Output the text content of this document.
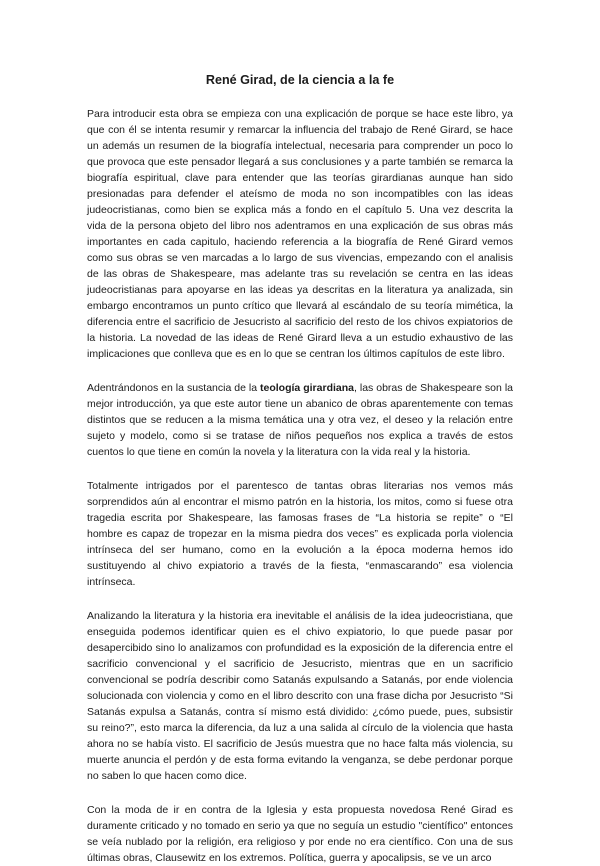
René Girad, de la ciencia a la fe

Para introducir esta obra se empieza con una explicación de porque se hace este libro, ya que con él se intenta resumir y remarcar la influencia del trabajo de René Girard, se hace un además un resumen de la biografía intelectual, necesaria para comprender un poco lo que provoca que este pensador llegará a sus conclusiones y a parte también se remarca la biografía espiritual, clave para entender que las teorías girardianas aunque han sido presionadas para defender el ateísmo de moda no son incompatibles con las ideas judeocristianas, como bien se explica más a fondo en el capítulo 5. Una vez descrita la vida de la persona objeto del libro nos adentramos en una explicación de sus obras más importantes en cada capitulo, haciendo referencia a la biografía de René Girard vemos como sus obras se ven marcadas a lo largo de sus vivencias, empezando con el analisis de las obras de Shakespeare, mas adelante tras su revelación se centra en las ideas judeocristianas para apoyarse en las ideas ya descritas en la literatura ya analizada, sin embargo encontramos un punto crítico que llevará al escándalo de su teoría mimética, la diferencia entre el sacrificio de Jesucristo al sacrificio del resto de los chivos expiatorios de la historia. La novedad de las ideas de René Girard lleva a un estudio exhaustivo de las implicaciones que conlleva que es en lo que se centran los últimos capítulos de este libro.

Adentrándonos en la sustancia de la teología girardiana, las obras de Shakespeare son la mejor introducción, ya que este autor tiene un abanico de obras aparentemente con temas distintos que se reducen a la misma temática una y otra vez, el deseo y la relación entre sujeto y modelo, como si se tratase de niños pequeños nos explica a través de estos cuentos lo que tiene en común la novela y la literatura con la vida real y la historia.

Totalmente intrigados por el parentesco de tantas obras literarias nos vemos más sorprendidos aún al encontrar el mismo patrón en la historia, los mitos, como si fuese otra tragedia escrita por Shakespeare, las famosas frases de “La historia se repite” o “El hombre es capaz de tropezar en la misma piedra dos veces” es explicada porla violencia intrínseca del ser humano, como en la evolución a la época moderna hemos ido sustituyendo al chivo expiatorio a través de la fiesta, “enmascarando” esa violencia intrínseca.

Analizando la literatura y la historia era inevitable el análisis de la idea judeocristiana, que enseguida podemos identificar quien es el chivo expiatorio, lo que puede pasar por desapercibido sino lo analizamos con profundidad es la exposición de la diferencia entre el sacrificio convencional y el sacrificio de Jesucristo, mientras que en un sacrificio convencional se podría describir como Satanás expulsando a Satanás, por ende violencia solucionada con violencia y como en el libro descrito con una frase dicha por Jesucristo “Si Satanás expulsa a Satanás, contra sí mismo está dividido: ¿cómo puede, pues, subsistir su reino?”, esto marca la diferencia, da luz a una salida al círculo de la violencia que hasta ahora no se había visto. El sacrificio de Jesús muestra que no hace falta más violencia, su muerte anuncia el perdón y de esta forma evitando la venganza, se debe perdonar porque no saben lo que hacen como dice.

Con la moda de ir en contra de la Iglesia y esta propuesta novedosa René Girad es duramente criticado y no tomado en serio ya que no seguía un estudio "científico" entonces se veía nublado por la religión, era religioso y por ende no era científico. Con una de sus últimas obras, Clausewitz en los extremos. Política, guerra y apocalipsis, se ve un arco
